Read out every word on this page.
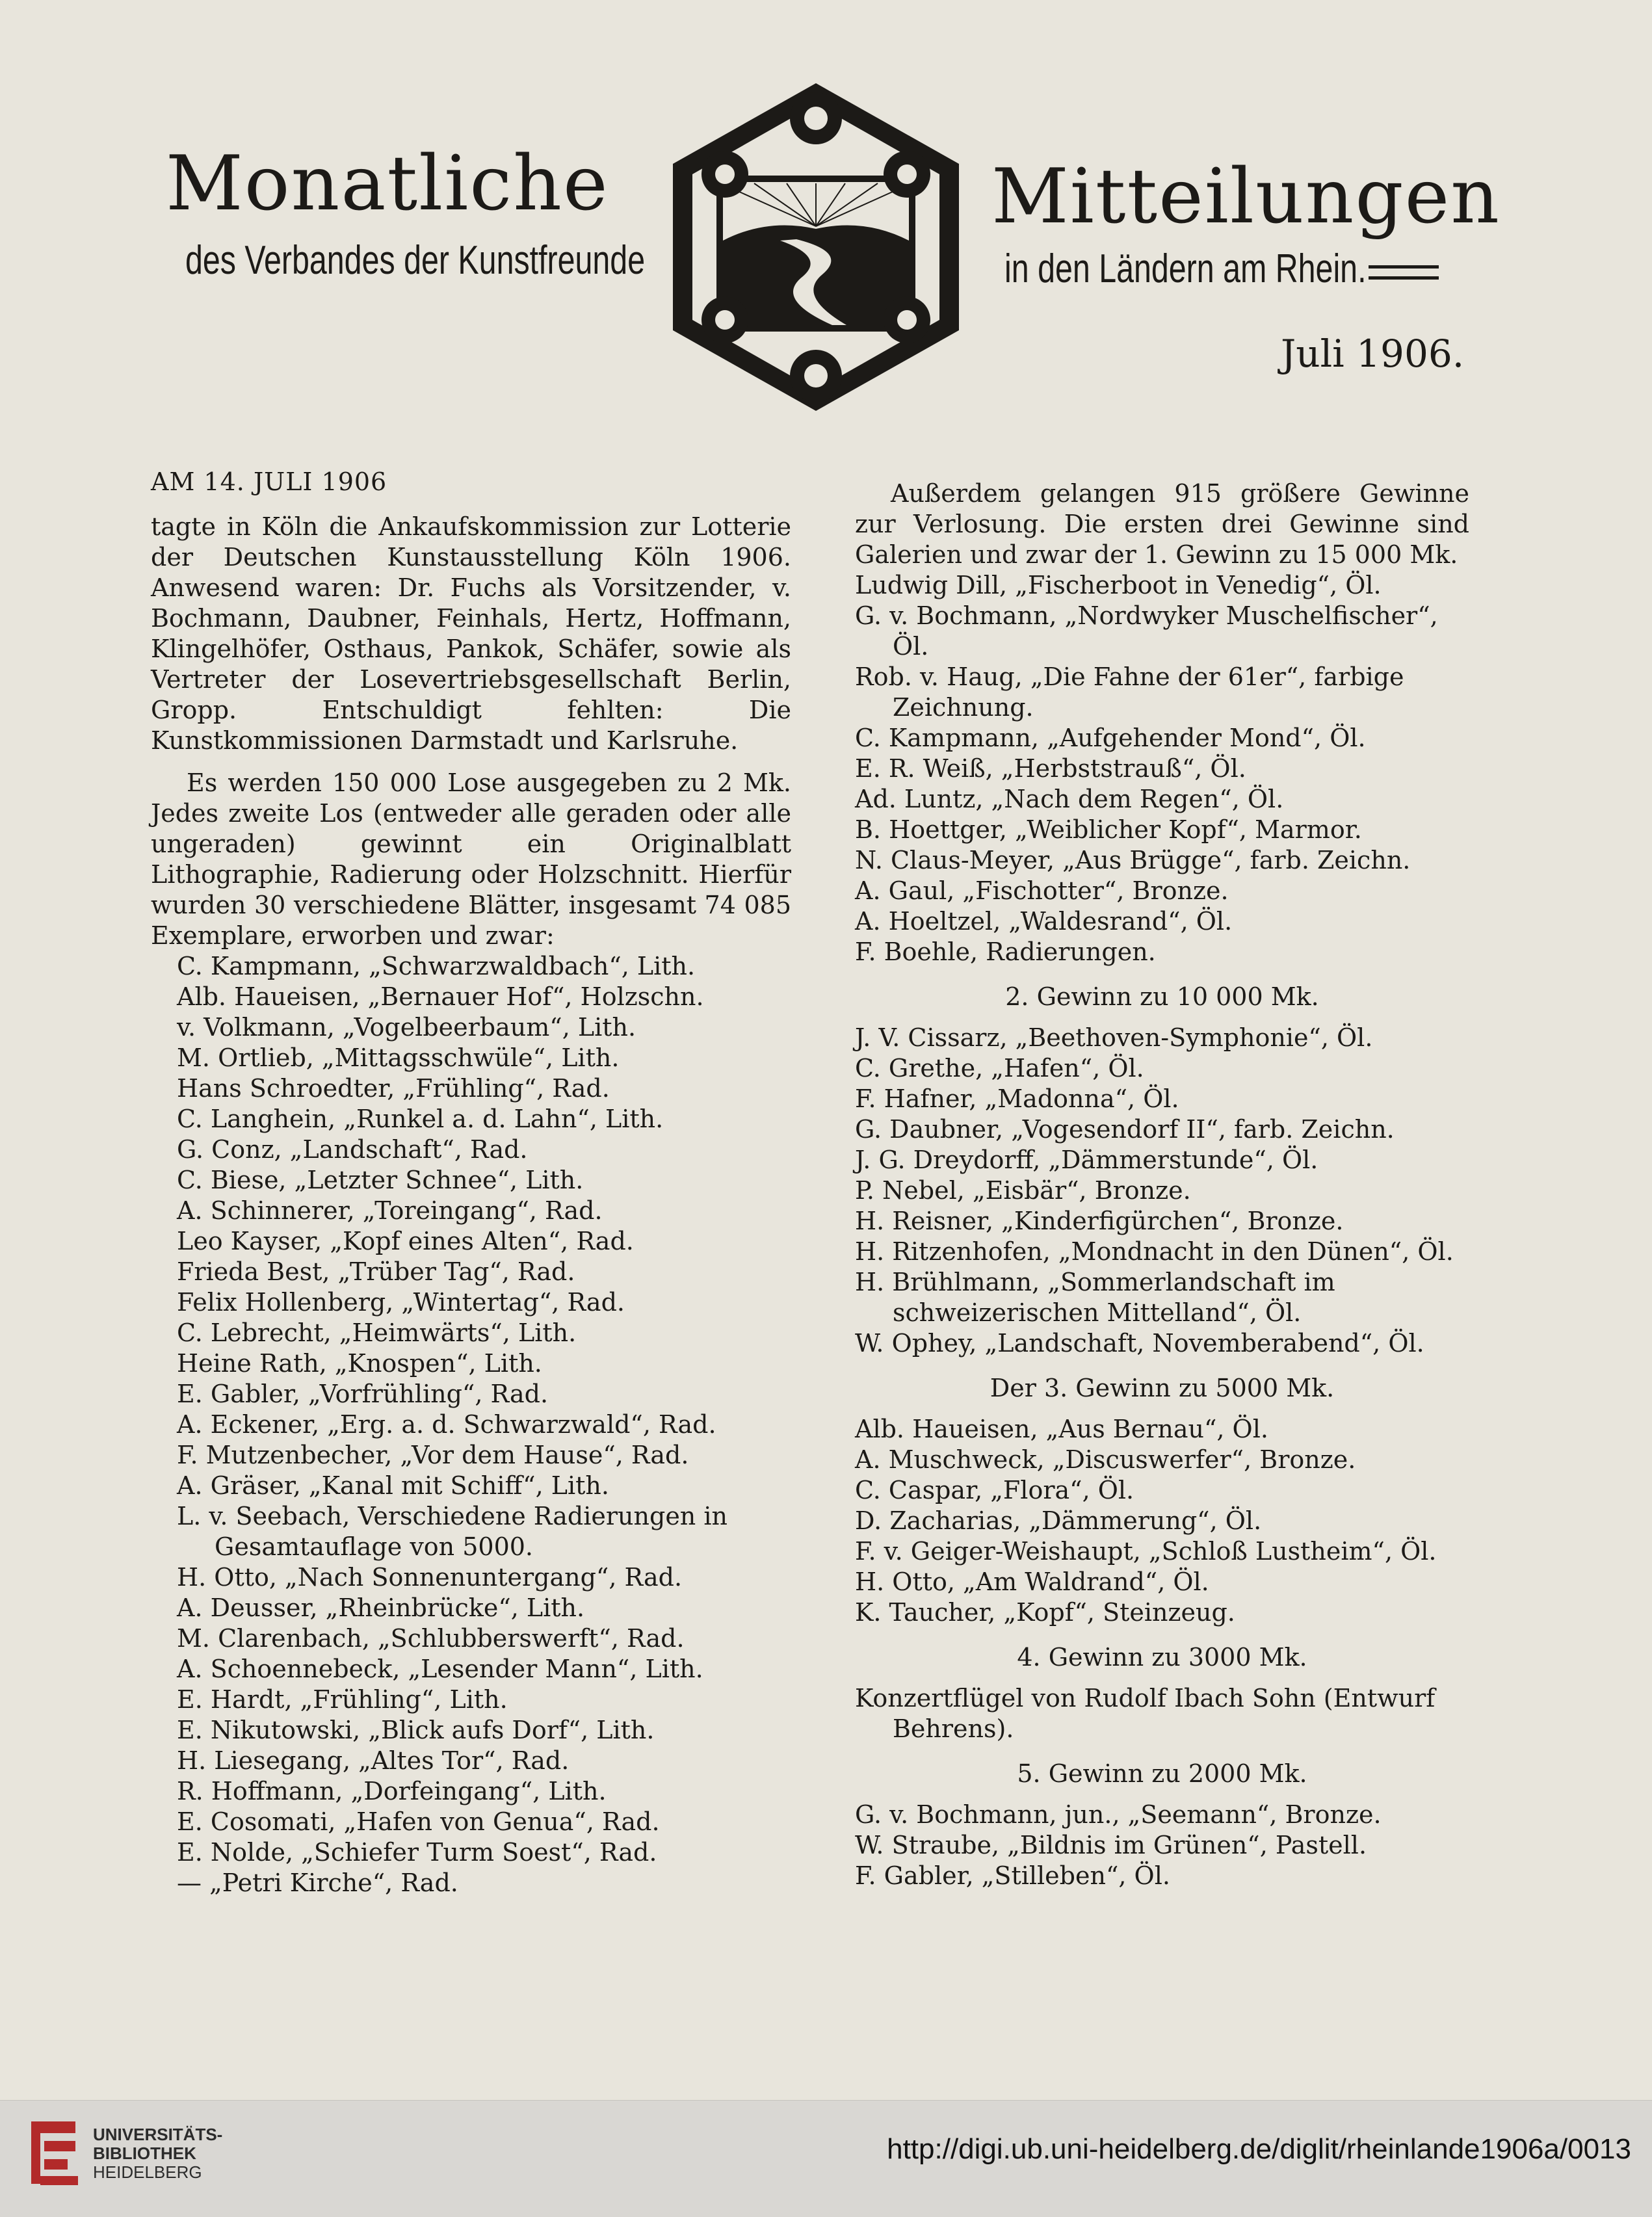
Monatliche	Mitteilungen
des Verbandes der Kunstfreunde	in den Ländern am Rhein.
Juli 1906.

AM 14. JULI 1906

tagte in Köln die Ankaufskommission zur Lotterie der Deutschen Kunstausstellung Köln 1906. Anwesend waren: Dr. Fuchs als Vorsitzender, v. Bochmann, Daubner, Feinhals, Hertz, Hoffmann, Klingelhöfer, Osthaus, Pankok, Schäfer, sowie als Vertreter der Losevertriebsgesellschaft Berlin, Gropp. Entschuldigt fehlten: Die Kunstkommissionen Darmstadt und Karlsruhe.

Es werden 150 000 Lose ausgegeben zu 2 Mk. Jedes zweite Los (entweder alle geraden oder alle ungeraden) gewinnt ein Originalblatt Lithographie, Radierung oder Holzschnitt. Hierfür wurden 30 verschiedene Blätter, insgesamt 74 085 Exemplare, erworben und zwar:

C. Kampmann, „Schwarzwaldbach“, Lith.

Alb. Haueisen, „Bernauer Hof“, Holzschn.

v. Volkmann, „Vogelbeerbaum“, Lith.

M. Ortlieb, „Mittagsschwüle“, Lith.

Hans Schroedter, „Frühling“, Rad.

C. Langhein, „Runkel a. d. Lahn“, Lith.

G. Conz, „Landschaft“, Rad.

C. Biese, „Letzter Schnee“, Lith.

A. Schinnerer, „Toreingang“, Rad.

Leo Kayser, „Kopf eines Alten“, Rad.

Frieda Best, „Trüber Tag“, Rad.

Felix Hollenberg, „Wintertag“, Rad.

C. Lebrecht, „Heimwärts“, Lith.

Heine Rath, „Knospen“, Lith.

E. Gabler, „Vorfrühling“, Rad.

A. Eckener, „Erg. a. d. Schwarzwald“, Rad.

F. Mutzenbecher, „Vor dem Hause“, Rad.

A. Gräser, „Kanal mit Schiff“, Lith.

L. v. Seebach, Verschiedene Radierungen in Gesamtauflage von 5000.

H. Otto, „Nach Sonnenuntergang“, Rad.

A. Deusser, „Rheinbrücke“, Lith.

M. Clarenbach, „Schlubberswerft“, Rad.

A. Schoennebeck, „Lesender Mann“, Lith.

E. Hardt, „Frühling“, Lith.

E. Nikutowski, „Blick aufs Dorf“, Lith.

H. Liesegang, „Altes Tor“, Rad.

R. Hoffmann, „Dorfeingang“, Lith.

E. Cosomati, „Hafen von Genua“, Rad.

E. Nolde, „Schiefer Turm Soest“, Rad.

— „Petri Kirche“, Rad.

Außerdem gelangen 915 größere Gewinne zur Verlosung. Die ersten drei Gewinne sind Galerien und zwar der 1. Gewinn zu 15 000 Mk.

Ludwig Dill, „Fischerboot in Venedig“, Öl.

G. v. Bochmann, „Nordwyker Muschelfischer“, Öl.

Rob. v. Haug, „Die Fahne der 61er“, farbige Zeichnung.

C. Kampmann, „Aufgehender Mond“, Öl.

E. R. Weiß, „Herbststrauß“, Öl.

Ad. Luntz, „Nach dem Regen“, Öl.

B. Hoettger, „Weiblicher Kopf“, Marmor.

N. Claus-Meyer, „Aus Brügge“, farb. Zeichn.

A. Gaul, „Fischotter“, Bronze.

A. Hoeltzel, „Waldesrand“, Öl.

F. Boehle, Radierungen.

2. Gewinn zu 10 000 Mk.

J. V. Cissarz, „Beethoven-Symphonie“, Öl.

C. Grethe, „Hafen“, Öl.

F. Hafner, „Madonna“, Öl.

G. Daubner, „Vogesendorf II“, farb. Zeichn.

J. G. Dreydorff, „Dämmerstunde“, Öl.

P. Nebel, „Eisbär“, Bronze.

H. Reisner, „Kinderfigürchen“, Bronze.

H. Ritzenhofen, „Mondnacht in den Dünen“, Öl.

H. Brühlmann, „Sommerlandschaft im schweizerischen Mittelland“, Öl.

W. Ophey, „Landschaft, Novemberabend“, Öl.

Der 3. Gewinn zu 5000 Mk.

Alb. Haueisen, „Aus Bernau“, Öl.

A. Muschweck, „Discuswerfer“, Bronze.

C. Caspar, „Flora“, Öl.

D. Zacharias, „Dämmerung“, Öl.

F. v. Geiger-Weishaupt, „Schloß Lustheim“, Öl.

H. Otto, „Am Waldrand“, Öl.

K. Taucher, „Kopf“, Steinzeug.

4. Gewinn zu 3000 Mk.

Konzertflügel von Rudolf Ibach Sohn (Entwurf Behrens).

5. Gewinn zu 2000 Mk.

G. v. Bochmann, jun., „Seemann“, Bronze.

W. Straube, „Bildnis im Grünen“, Pastell.

F. Gabler, „Stilleben“, Öl.

UNIVERSITÄTS-
BIBLIOTHEK
HEIDELBERG
http://digi.ub.uni-heidelberg.de/diglit/rheinlande1906a/0013
